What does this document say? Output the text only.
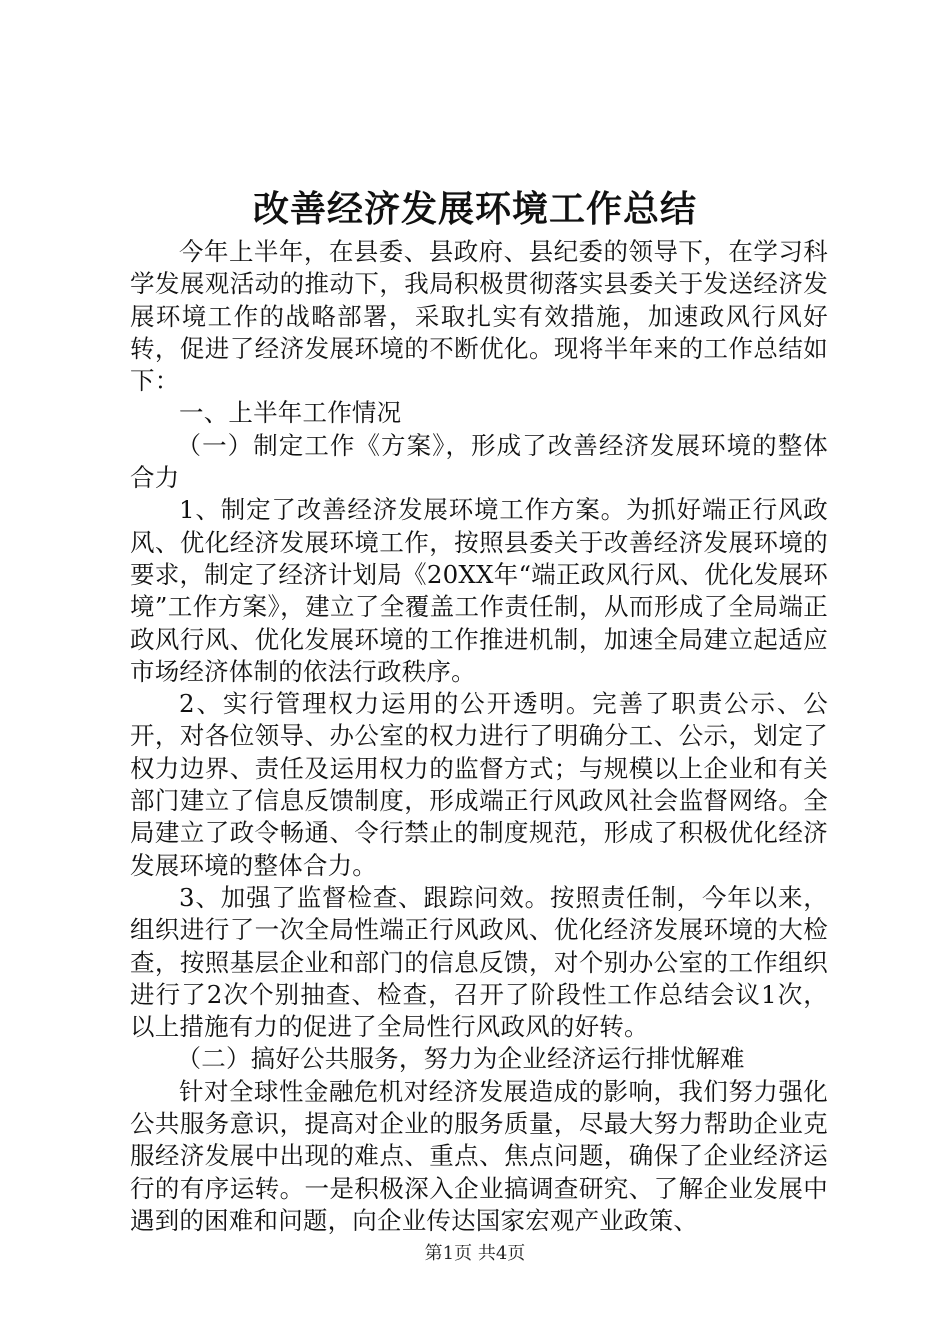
改善经济发展环境工作总结

今年上半年，在县委、县政府、县纪委的领导下，在学习科学发展观活动的推动下，我局积极贯彻落实县委关于发送经济发展环境工作的战略部署，采取扎实有效措施，加速政风行风好转，促进了经济发展环境的不断优化。现将半年来的工作总结如下：

一、上半年工作情况

（一）制定工作《方案》，形成了改善经济发展环境的整体合力

1、制定了改善经济发展环境工作方案。为抓好端正行风政风、优化经济发展环境工作，按照县委关于改善经济发展环境的要求，制定了经济计划局《20XX年“端正政风行风、优化发展环境”工作方案》，建立了全覆盖工作责任制，从而形成了全局端正政风行风、优化发展环境的工作推进机制，加速全局建立起适应市场经济体制的依法行政秩序。

2、实行管理权力运用的公开透明。完善了职责公示、公开，对各位领导、办公室的权力进行了明确分工、公示，划定了权力边界、责任及运用权力的监督方式；与规模以上企业和有关部门建立了信息反馈制度，形成端正行风政风社会监督网络。全局建立了政令畅通、令行禁止的制度规范，形成了积极优化经济发展环境的整体合力。

3、加强了监督检查、跟踪问效。按照责任制，今年以来，组织进行了一次全局性端正行风政风、优化经济发展环境的大检查，按照基层企业和部门的信息反馈，对个别办公室的工作组织进行了2次个别抽查、检查，召开了阶段性工作总结会议1次，以上措施有力的促进了全局性行风政风的好转。

（二）搞好公共服务，努力为企业经济运行排忧解难

针对全球性金融危机对经济发展造成的影响，我们努力强化公共服务意识，提高对企业的服务质量，尽最大努力帮助企业克服经济发展中出现的难点、重点、焦点问题，确保了企业经济运行的有序运转。一是积极深入企业搞调查研究、了解企业发展中遇到的困难和问题，向企业传达国家宏观产业政策、

第1页 共4页
